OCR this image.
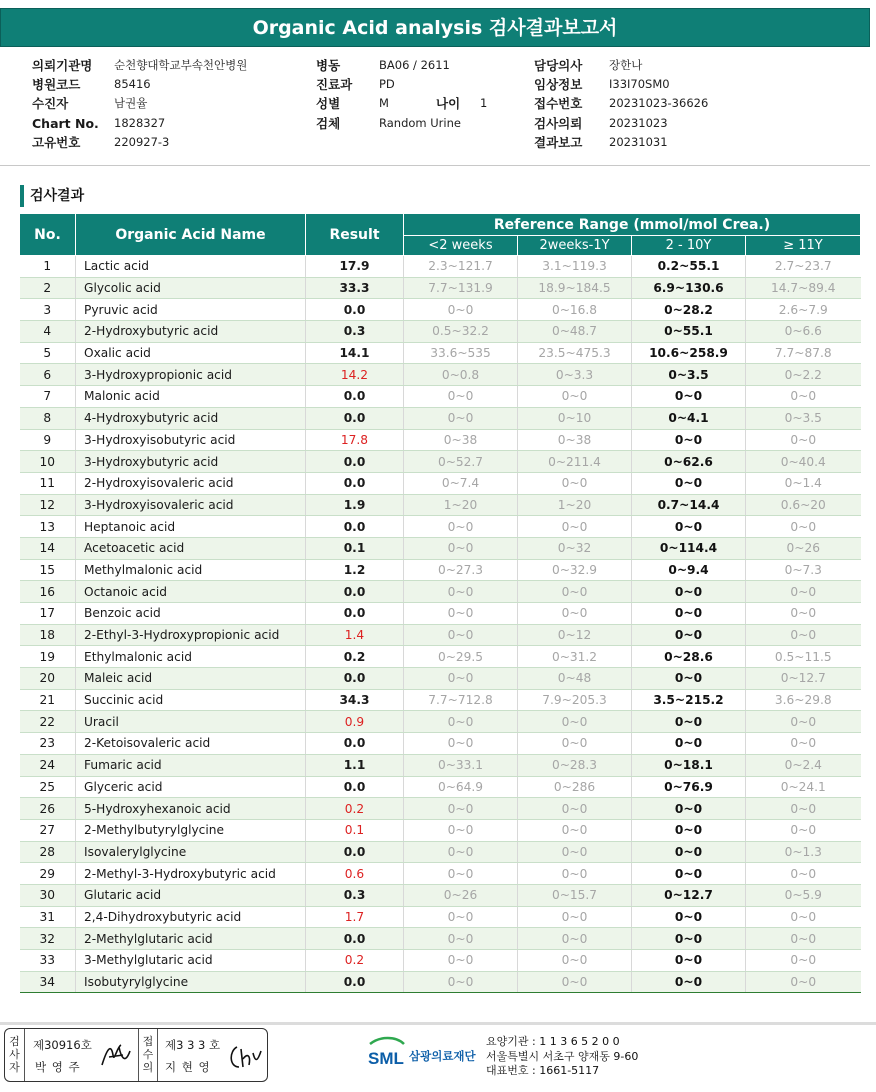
Organic Acid analysis 검사결과보고서
의뢰기관명 순천향대학교부속천안병원
병원코드	85416
수진자	남권율
Chart No. 1828327
고유번호	220927-3
병동	BA06 / 2611
진료과 PD
성별	M	나이 1
검체	Random Urine
담당의사 장한나
임상정보 I33I70SM0
접수번호 20231023-36626
검사의뢰 20231023
결과보고 20231031
검사결과
No.	Organic Acid Name	Result	Reference Range (mmol/mol Crea.)			
			<2 weeks	2weeks-1Y	2 - 10Y	≥ 11Y
1	Lactic acid	17.9	2.3~121.7	3.1~119.3	0.2~55.1	2.7~23.7
2	Glycolic acid	33.3	7.7~131.9	18.9~184.5	6.9~130.6	14.7~89.4
3	Pyruvic acid	0.0	0~0	0~16.8	0~28.2	2.6~7.9
4	2-Hydroxybutyric acid	0.3	0.5~32.2	0~48.7	0~55.1	0~6.6
5	Oxalic acid	14.1	33.6~535	23.5~475.3	10.6~258.9	7.7~87.8
6	3-Hydroxypropionic acid	14.2	0~0.8	0~3.3	0~3.5	0~2.2
7	Malonic acid	0.0	0~0	0~0	0~0	0~0
8	4-Hydroxybutyric acid	0.0	0~0	0~10	0~4.1	0~3.5
9	3-Hydroxyisobutyric acid	17.8	0~38	0~38	0~0	0~0
10	3-Hydroxybutyric acid	0.0	0~52.7	0~211.4	0~62.6	0~40.4
11	2-Hydroxyisovaleric acid	0.0	0~7.4	0~0	0~0	0~1.4
12	3-Hydroxyisovaleric acid	1.9	1~20	1~20	0.7~14.4	0.6~20
13	Heptanoic acid	0.0	0~0	0~0	0~0	0~0
14	Acetoacetic acid	0.1	0~0	0~32	0~114.4	0~26
15	Methylmalonic acid	1.2	0~27.3	0~32.9	0~9.4	0~7.3
16	Octanoic acid	0.0	0~0	0~0	0~0	0~0
17	Benzoic acid	0.0	0~0	0~0	0~0	0~0
18	2-Ethyl-3-Hydroxypropionic acid	1.4	0~0	0~12	0~0	0~0
19	Ethylmalonic acid	0.2	0~29.5	0~31.2	0~28.6	0.5~11.5
20	Maleic acid	0.0	0~0	0~48	0~0	0~12.7
21	Succinic acid	34.3	7.7~712.8	7.9~205.3	3.5~215.2	3.6~29.8
22	Uracil	0.9	0~0	0~0	0~0	0~0
23	2-Ketoisovaleric acid	0.0	0~0	0~0	0~0	0~0
24	Fumaric acid	1.1	0~33.1	0~28.3	0~18.1	0~2.4
25	Glyceric acid	0.0	0~64.9	0~286	0~76.9	0~24.1
26	5-Hydroxyhexanoic acid	0.2	0~0	0~0	0~0	0~0
27	2-Methylbutyrylglycine	0.1	0~0	0~0	0~0	0~0
28	Isovalerylglycine	0.0	0~0	0~0	0~0	0~1.3
29	2-Methyl-3-Hydroxybutyric acid	0.6	0~0	0~0	0~0	0~0
30	Glutaric acid	0.3	0~26	0~15.7	0~12.7	0~5.9
31	2,4-Dihydroxybutyric acid	1.7	0~0	0~0	0~0	0~0
32	2-Methylglutaric acid	0.0	0~0	0~0	0~0	0~0
33	3-Methylglutaric acid	0.2	0~0	0~0	0~0	0~0
34	Isobutyrylglycine	0.0	0~0	0~0	0~0	0~0
검사자
제30916호
박 영 주
접수의
제3 3 3 호
지 현 영	SML 삼광의료재단
요양기관 : 1 1 3 6 5 2 0 0
서울특별시 서초구 양재동 9-60
대표번호 : 1661-5117
